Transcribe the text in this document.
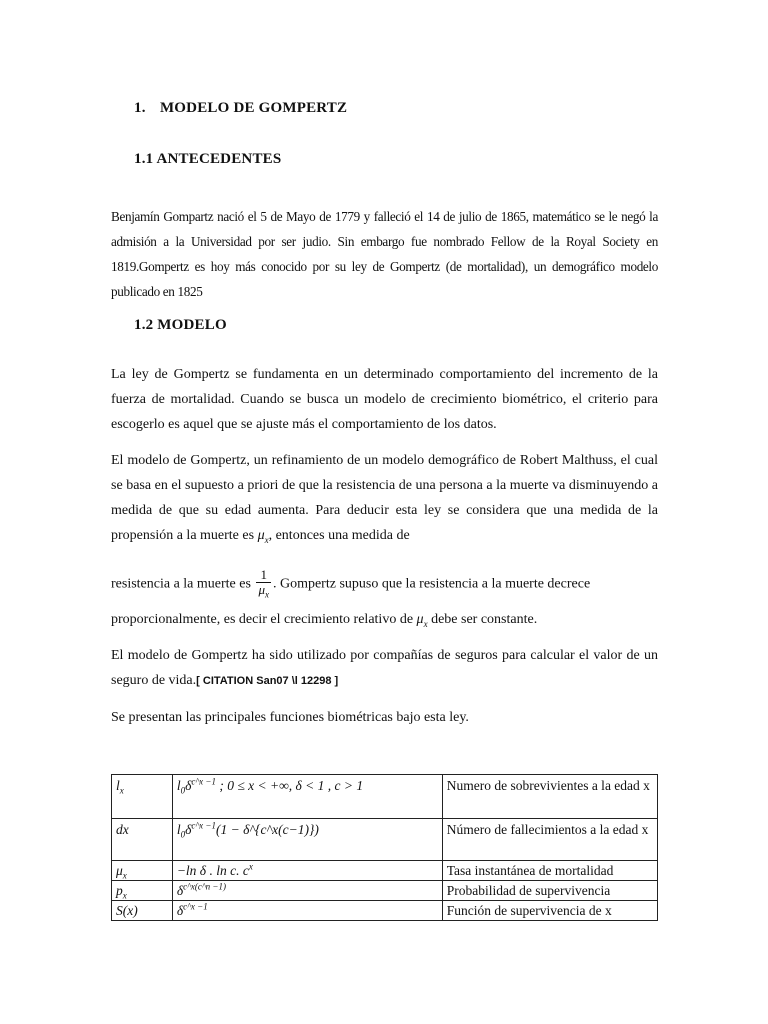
1. MODELO DE GOMPERTZ
1.1 ANTECEDENTES
Benjamín Gompartz nació el 5 de Mayo de 1779 y falleció el 14 de julio de 1865, matemático se le negó la admisión a la Universidad por ser judio. Sin embargo fue nombrado Fellow de la Royal Society en 1819.Gompertz es hoy más conocido por su ley de Gompertz (de mortalidad), un demográfico modelo publicado en 1825
1.2 MODELO
La ley de Gompertz se fundamenta en un determinado comportamiento del incremento de la fuerza de mortalidad. Cuando se busca un modelo de crecimiento biométrico, el criterio para escogerlo es aquel que se ajuste más el comportamiento de los datos.
El modelo de Gompertz, un refinamiento de un modelo demográfico de Robert Malthuss, el cual se basa en el supuesto a priori de que la resistencia de una persona a la muerte va disminuyendo a medida de que su edad aumenta. Para deducir esta ley se considera que una medida de la propensión a la muerte es $\mu_x$, entonces una medida de
resistencia a la muerte es $\frac{1}{\mu_x}$ . Gompertz supuso que la resistencia a la muerte decrece
proporcionalmente, es decir el crecimiento relativo de $\mu_x$ debe ser constante.
El modelo de Gompertz ha sido utilizado por compañías de seguros para calcular el valor de un seguro de vida.[ CITATION San07 \l 12298 ]
Se presentan las principales funciones biométricas bajo esta ley.
$l_x$	$l_0\delta^{c\^{}x -1}$ ; 0 ≤ x < +∞, δ < 1 , c > 1	Numero de sobrevivientes a la edad x
dx	$l_0\delta^{c\^{}x -1}(1$ − δ^{c^x(c−1)})	Número de fallecimientos a la edad x
$\mu_x$	−ln δ . ln c. $c^x$	Tasa instantánea de mortalidad
$p_x$	$\delta^{c\^{}x(c\^{}n -1)}$	Probabilidad de supervivencia
S(x)	$\delta^{c\^{}x -1}$	Función de supervivencia de x
